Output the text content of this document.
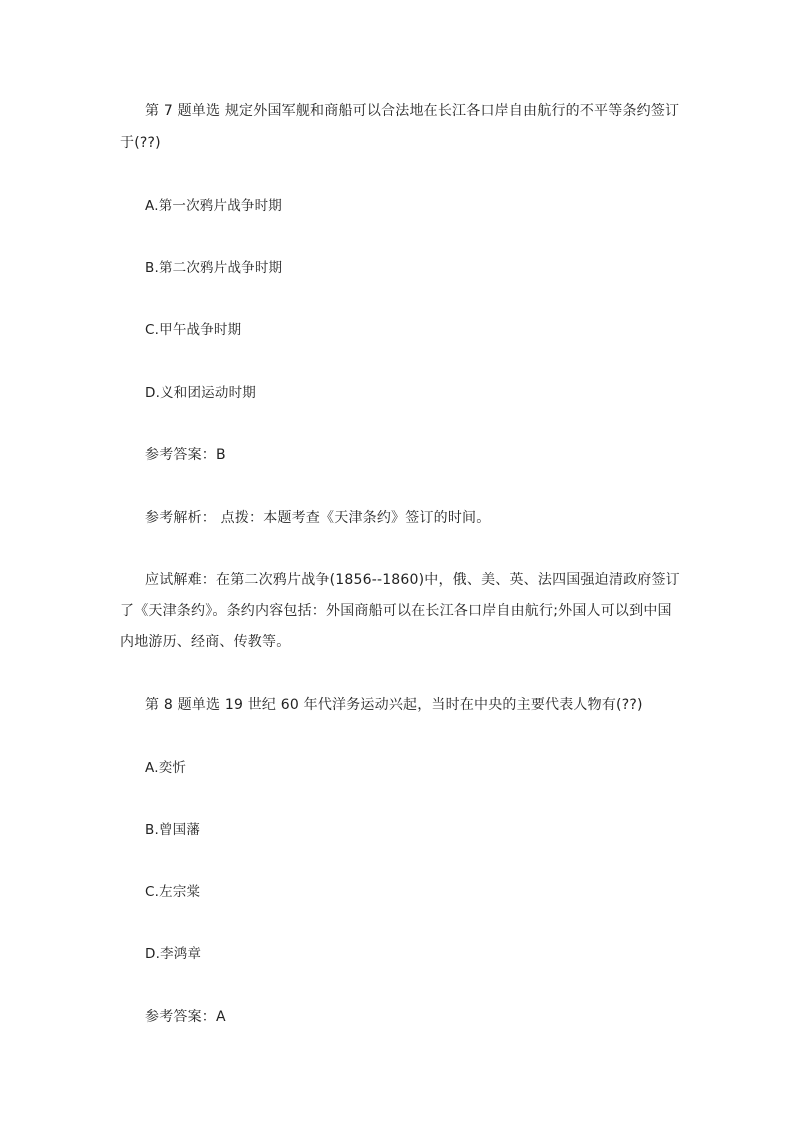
第 7 题单选 规定外国军舰和商船可以合法地在长江各口岸自由航行的不平等条约签订
于(??)
A.第一次鸦片战争时期
B.第二次鸦片战争时期
C.甲午战争时期
D.义和团运动时期
参考答案：B
参考解析： 点拨：本题考查《天津条约》签订的时间。
应试解难：在第二次鸦片战争(1856--1860)中，俄、美、英、法四国强迫清政府签订
了《天津条约》。条约内容包括：外国商船可以在长江各口岸自由航行;外国人可以到中国
内地游历、经商、传教等。
第 8 题单选 19 世纪 60 年代洋务运动兴起，当时在中央的主要代表人物有(??)
A.奕忻
B.曾国藩
C.左宗棠
D.李鸿章
参考答案：A
